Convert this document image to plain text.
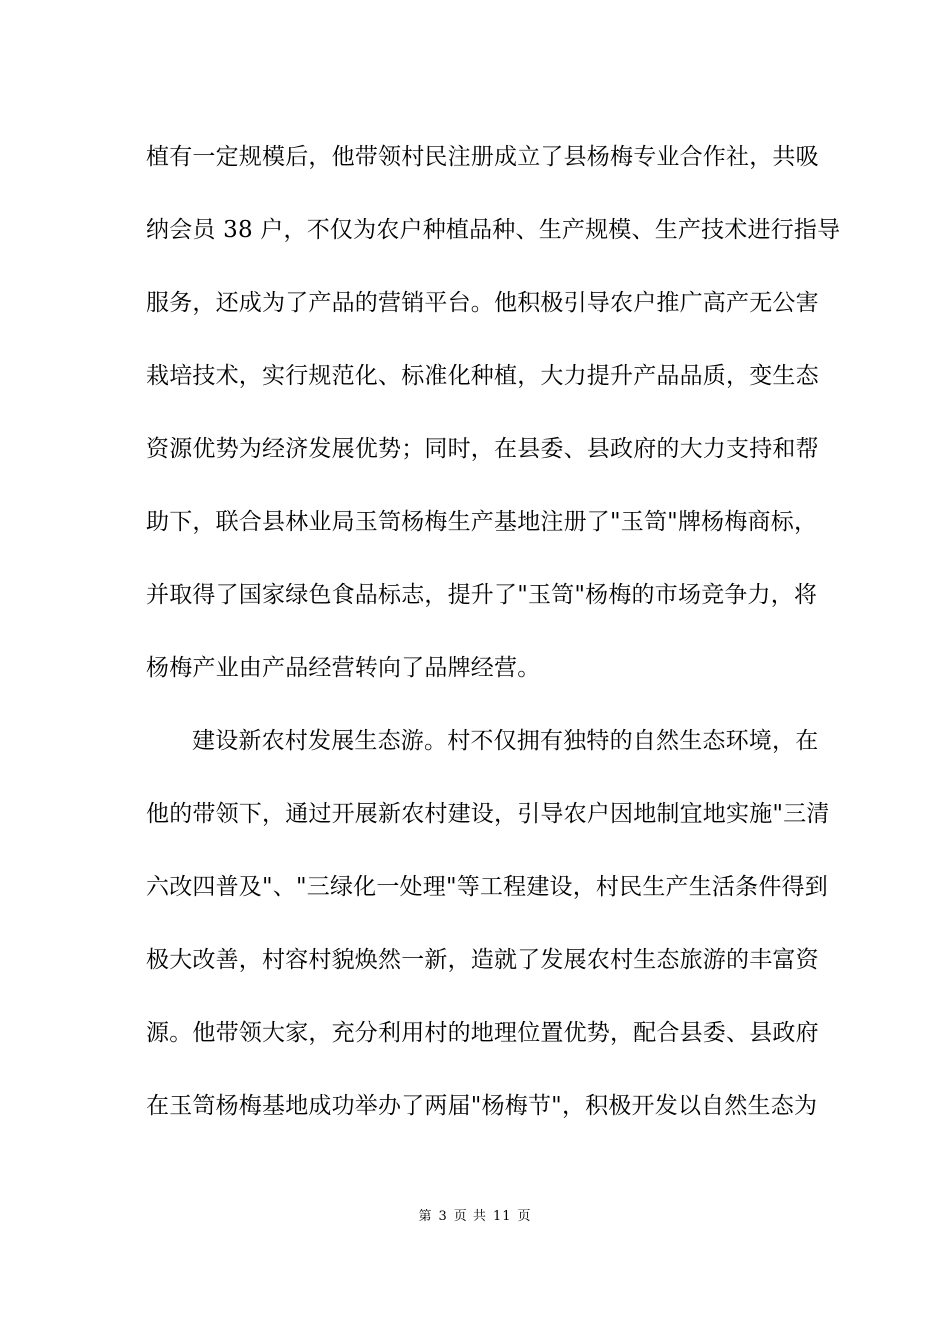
植有一定规模后，他带领村民注册成立了县杨梅专业合作社，共吸
纳会员 38 户，不仅为农户种植品种、生产规模、生产技术进行指导
服务，还成为了产品的营销平台。他积极引导农户推广高产无公害
栽培技术，实行规范化、标准化种植，大力提升产品品质，变生态
资源优势为经济发展优势；同时，在县委、县政府的大力支持和帮
助下，联合县林业局玉笥杨梅生产基地注册了"玉笥"牌杨梅商标，
并取得了国家绿色食品标志，提升了"玉笥"杨梅的市场竞争力，将
杨梅产业由产品经营转向了品牌经营。
建设新农村发展生态游。村不仅拥有独特的自然生态环境，在
他的带领下，通过开展新农村建设，引导农户因地制宜地实施"三清
六改四普及"、"三绿化一处理"等工程建设，村民生产生活条件得到
极大改善，村容村貌焕然一新，造就了发展农村生态旅游的丰富资
源。他带领大家，充分利用村的地理位置优势，配合县委、县政府
在玉笥杨梅基地成功举办了两届"杨梅节"，积极开发以自然生态为
第 3 页 共 11 页
